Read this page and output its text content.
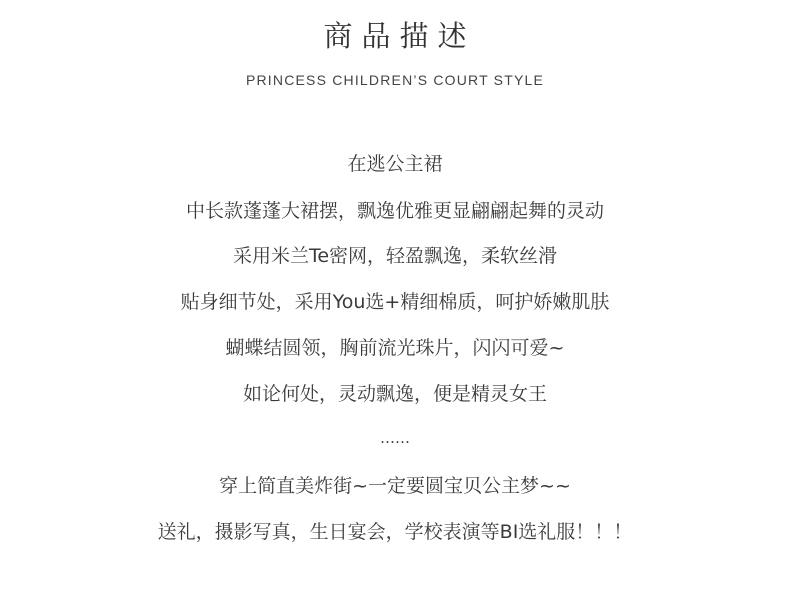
商品描述
PRINCESS CHILDREN’S COURT STYLE
在逃公主裙
中长款蓬蓬大裙摆，飘逸优雅更显翩翩起舞的灵动
采用米兰Te密网，轻盈飘逸，柔软丝滑
贴身细节处，采用You选+精细棉质，呵护娇嫩肌肤
蝴蝶结圆领，胸前流光珠片，闪闪可爱~
如论何处，灵动飘逸，便是精灵女王
……
穿上简直美炸街~一定要圆宝贝公主梦~~
送礼，摄影写真，生日宴会，学校表演等BI选礼服！！！
